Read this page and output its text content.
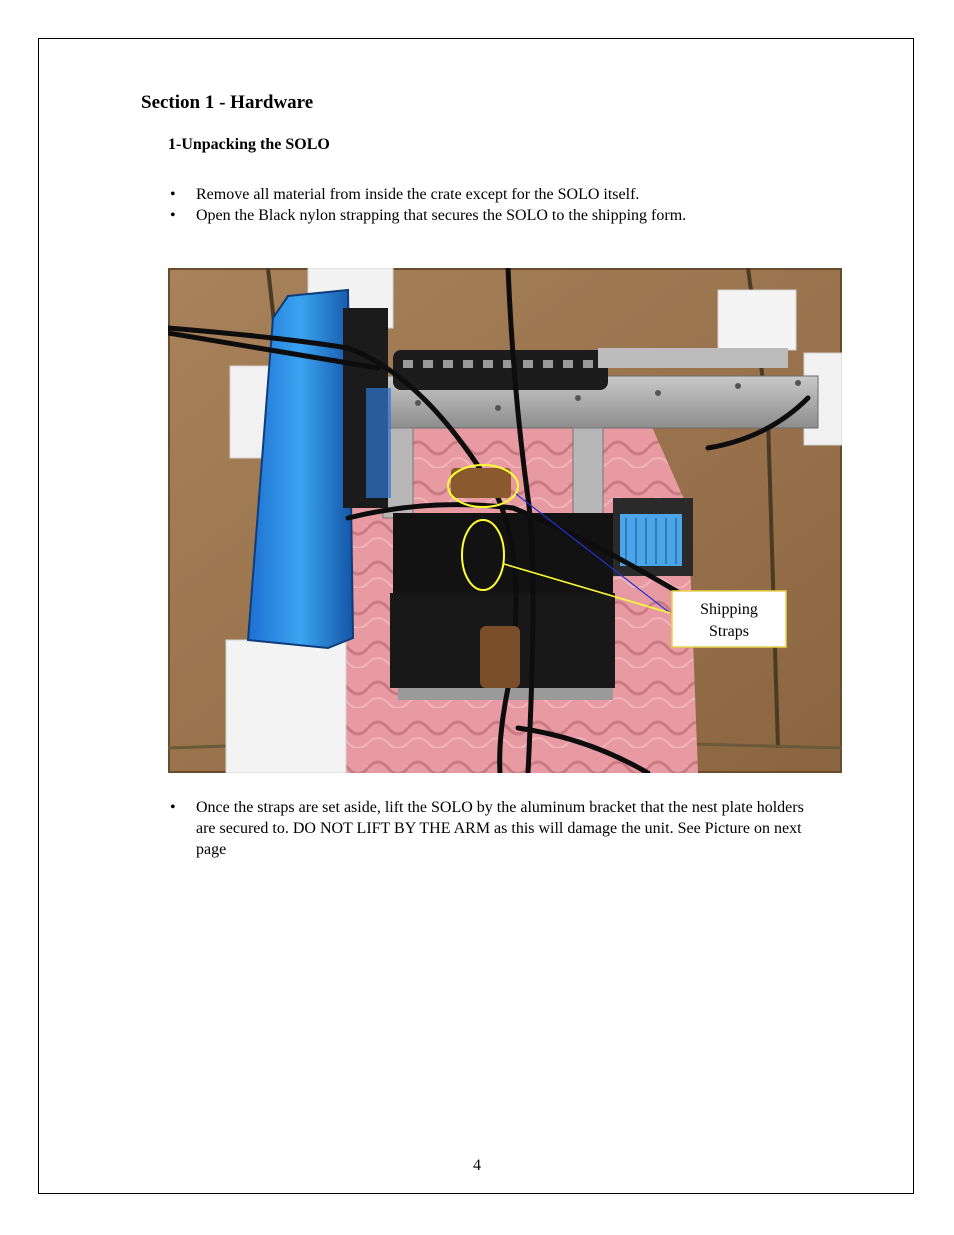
Section 1 - Hardware
1-Unpacking the SOLO
• Remove all material from inside the crate except for the SOLO itself.
• Open the Black nylon strapping that secures the SOLO to the shipping form.
Shipping
Straps
• Once the straps are set aside, lift the SOLO by the aluminum bracket that the nest plate holders are secured to. DO NOT LIFT BY THE ARM as this will damage the unit. See Picture on next page
4
